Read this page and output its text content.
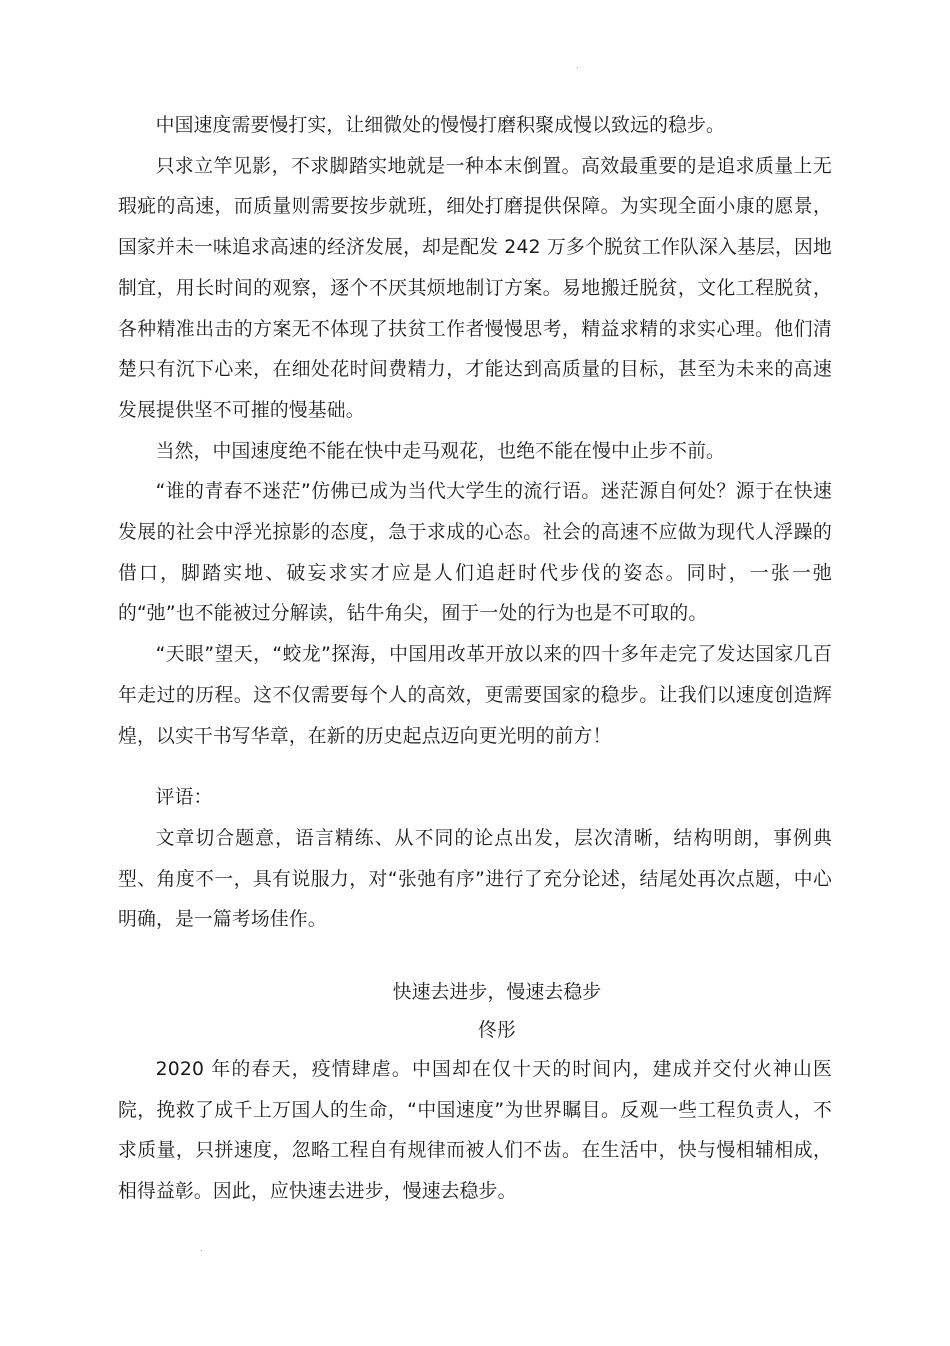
中国速度需要慢打实，让细微处的慢慢打磨积聚成慢以致远的稳步。

只求立竿见影，不求脚踏实地就是一种本末倒置。高效最重要的是追求质量上无瑕疵的高速，而质量则需要按步就班，细处打磨提供保障。为实现全面小康的愿景，国家并未一味追求高速的经济发展，却是配发 242 万多个脱贫工作队深入基层，因地制宜，用长时间的观察，逐个不厌其烦地制订方案。易地搬迁脱贫，文化工程脱贫，各种精准出击的方案无不体现了扶贫工作者慢慢思考，精益求精的求实心理。他们清楚只有沉下心来，在细处花时间费精力，才能达到高质量的目标，甚至为未来的高速发展提供坚不可摧的慢基础。

当然，中国速度绝不能在快中走马观花，也绝不能在慢中止步不前。

“谁的青春不迷茫”仿佛已成为当代大学生的流行语。迷茫源自何处？源于在快速发展的社会中浮光掠影的态度，急于求成的心态。社会的高速不应做为现代人浮躁的借口，脚踏实地、破妄求实才应是人们追赶时代步伐的姿态。同时，一张一弛的“弛”也不能被过分解读，钻牛角尖，囿于一处的行为也是不可取的。

“天眼”望天，“蛟龙”探海，中国用改革开放以来的四十多年走完了发达国家几百年走过的历程。这不仅需要每个人的高效，更需要国家的稳步。让我们以速度创造辉煌，以实干书写华章，在新的历史起点迈向更光明的前方！

评语：

文章切合题意，语言精练、从不同的论点出发，层次清晰，结构明朗，事例典型、角度不一，具有说服力，对“张弛有序”进行了充分论述，结尾处再次点题，中心明确，是一篇考场佳作。

快速去进步，慢速去稳步

佟彤

2020 年的春天，疫情肆虐。中国却在仅十天的时间内，建成并交付火神山医院，挽救了成千上万国人的生命，“中国速度”为世界瞩目。反观一些工程负责人，不求质量，只拼速度，忽略工程自有规律而被人们不齿。在生活中，快与慢相辅相成，相得益彰。因此，应快速去进步，慢速去稳步。
